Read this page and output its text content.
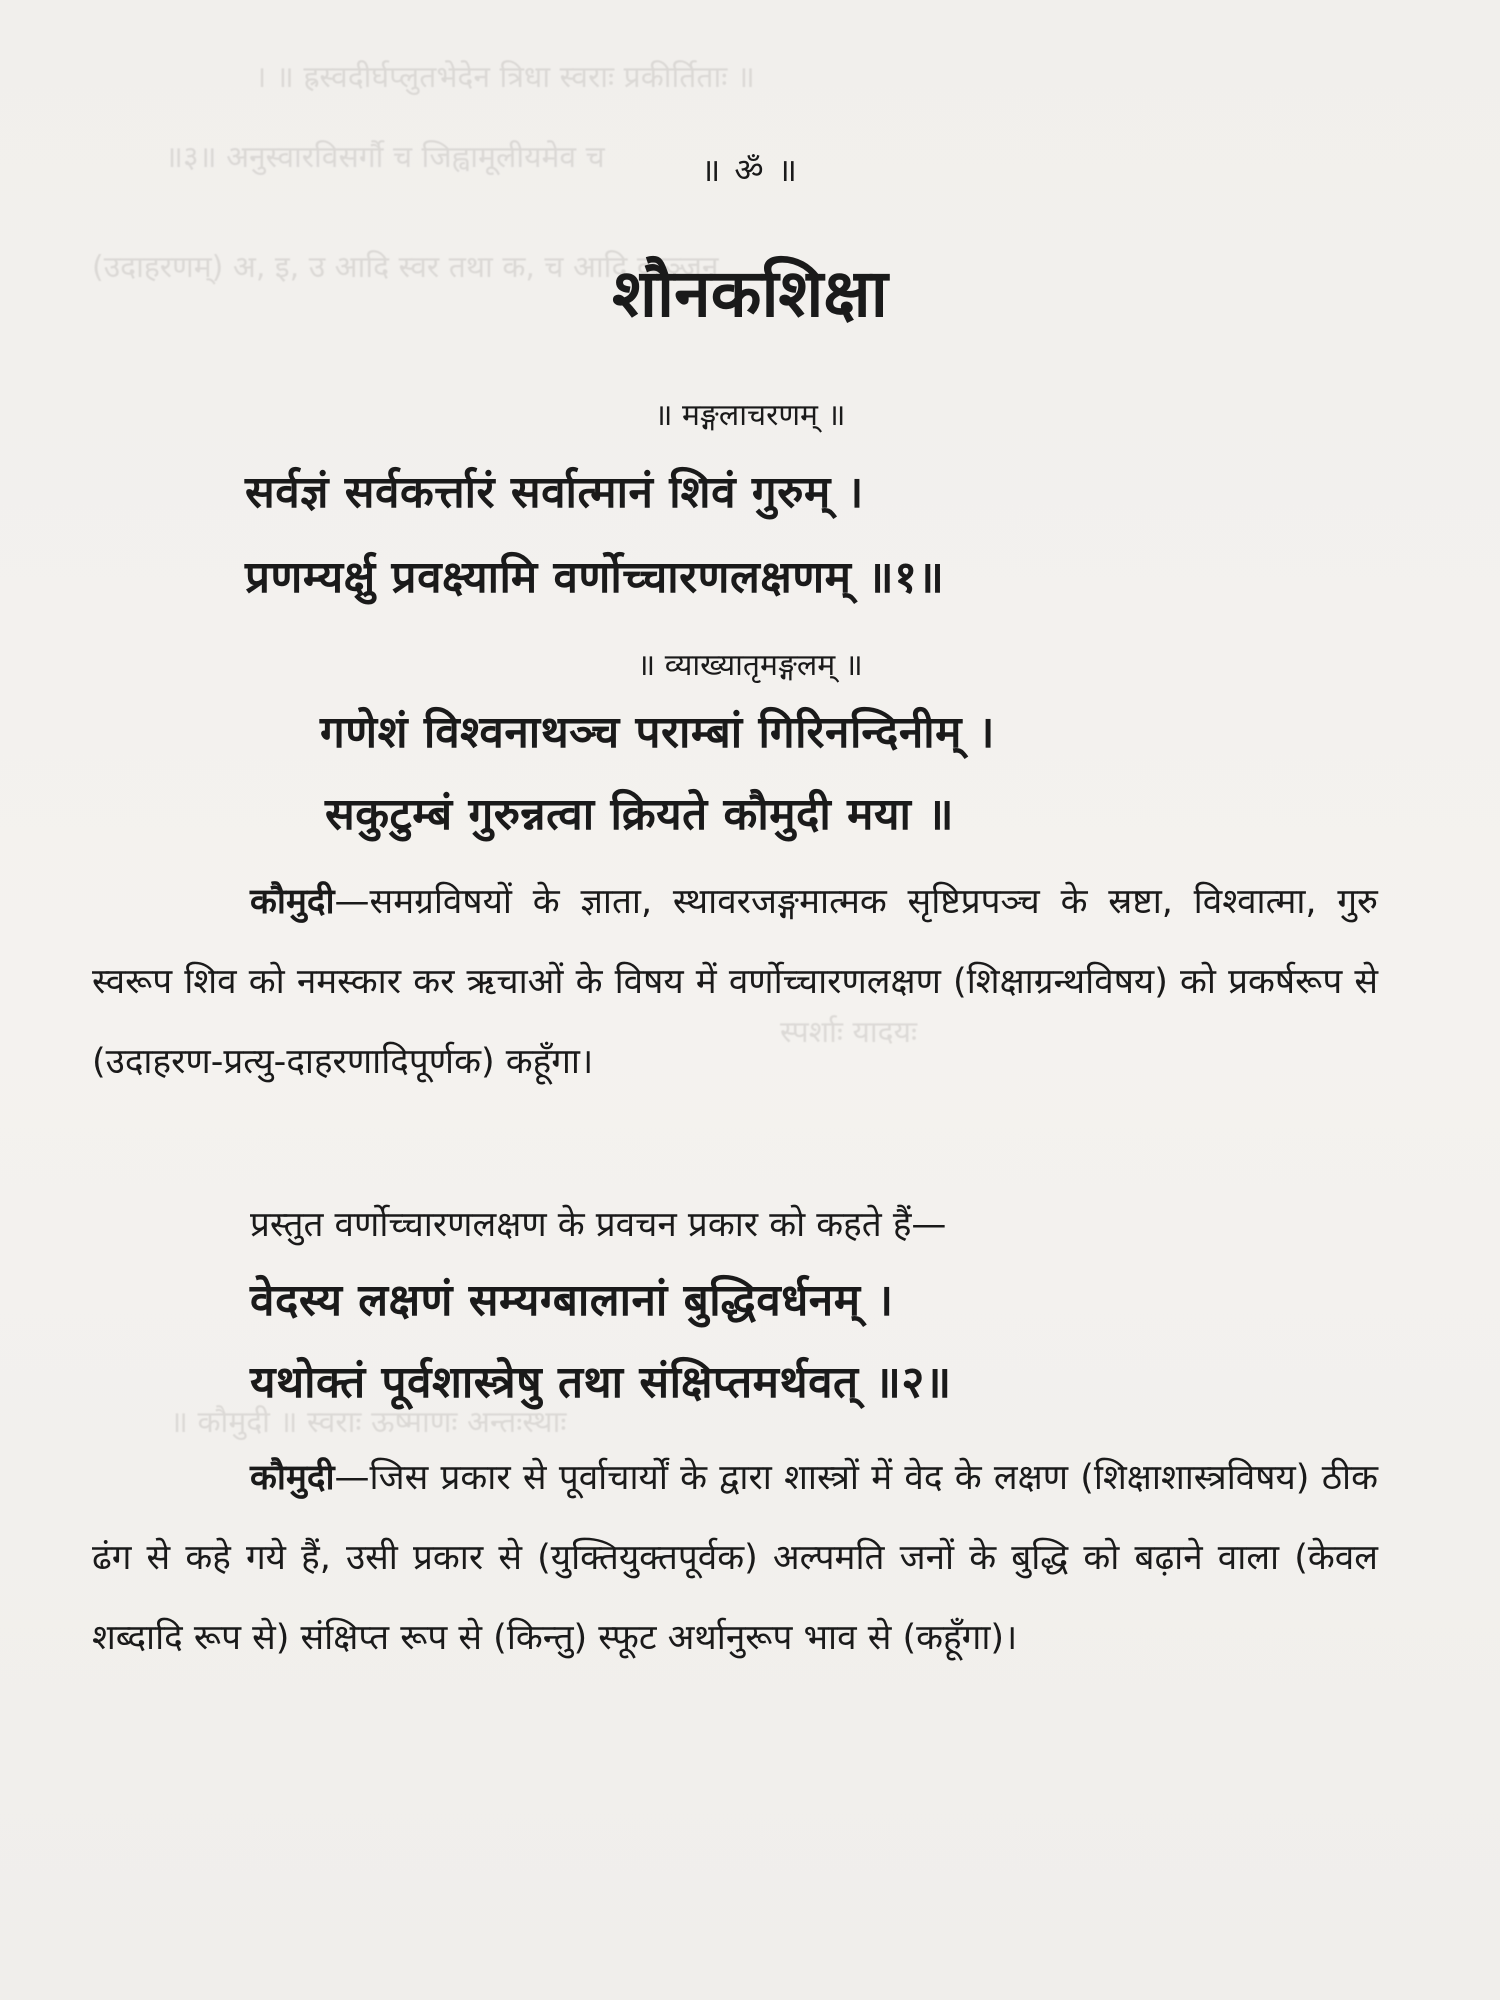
। ॥ ह्रस्वदीर्घप्लुतभेदेन त्रिधा स्वराः प्रकीर्तिताः ॥
॥३॥ अनुस्वारविसर्गौ च जिह्वामूलीयमेव च
(उदाहरणम्) अ, इ, उ आदि स्वर तथा क, च आदि व्यञ्जन
स्पर्शाः यादयः
॥ कौमुदी ॥ स्वराः ऊष्माणः अन्तःस्थाः
॥ ॐ ॥
शौनकशिक्षा
॥ मङ्गलाचरणम् ॥
सर्वज्ञं सर्वकर्त्तारं सर्वात्मानं शिवं गुरुम् ।
प्रणम्यर्क्षु प्रवक्ष्यामि वर्णोच्चारणलक्षणम् ॥१॥
॥ व्याख्यातृमङ्गलम् ॥
गणेशं विश्वनाथञ्च पराम्बां गिरिनन्दिनीम् ।
सकुटुम्बं गुरुन्नत्वा क्रियते कौमुदी मया ॥
कौमुदी—समग्रविषयों के ज्ञाता, स्थावरजङ्गमात्मक सृष्टिप्रपञ्च के स्रष्टा, विश्वात्मा, गुरु स्वरूप शिव को नमस्कार कर ऋचाओं के विषय में वर्णोच्चारणलक्षण (शिक्षाग्रन्थविषय) को प्रकर्षरूप से (उदाहरण-प्रत्यु-दाहरणादिपूर्णक) कहूँगा।
प्रस्तुत वर्णोच्चारणलक्षण के प्रवचन प्रकार को कहते हैं—
वेदस्य लक्षणं सम्यग्बालानां बुद्धिवर्धनम् ।
यथोक्तं पूर्वशास्त्रेषु तथा संक्षिप्तमर्थवत् ॥२॥
कौमुदी—जिस प्रकार से पूर्वाचार्यों के द्वारा शास्त्रों में वेद के लक्षण (शिक्षाशास्त्रविषय) ठीक ढंग से कहे गये हैं, उसी प्रकार से (युक्तियुक्तपूर्वक) अल्पमति जनों के बुद्धि को बढ़ाने वाला (केवल शब्दादि रूप से) संक्षिप्त रूप से (किन्तु) स्फूट अर्थानुरूप भाव से (कहूँगा)।
